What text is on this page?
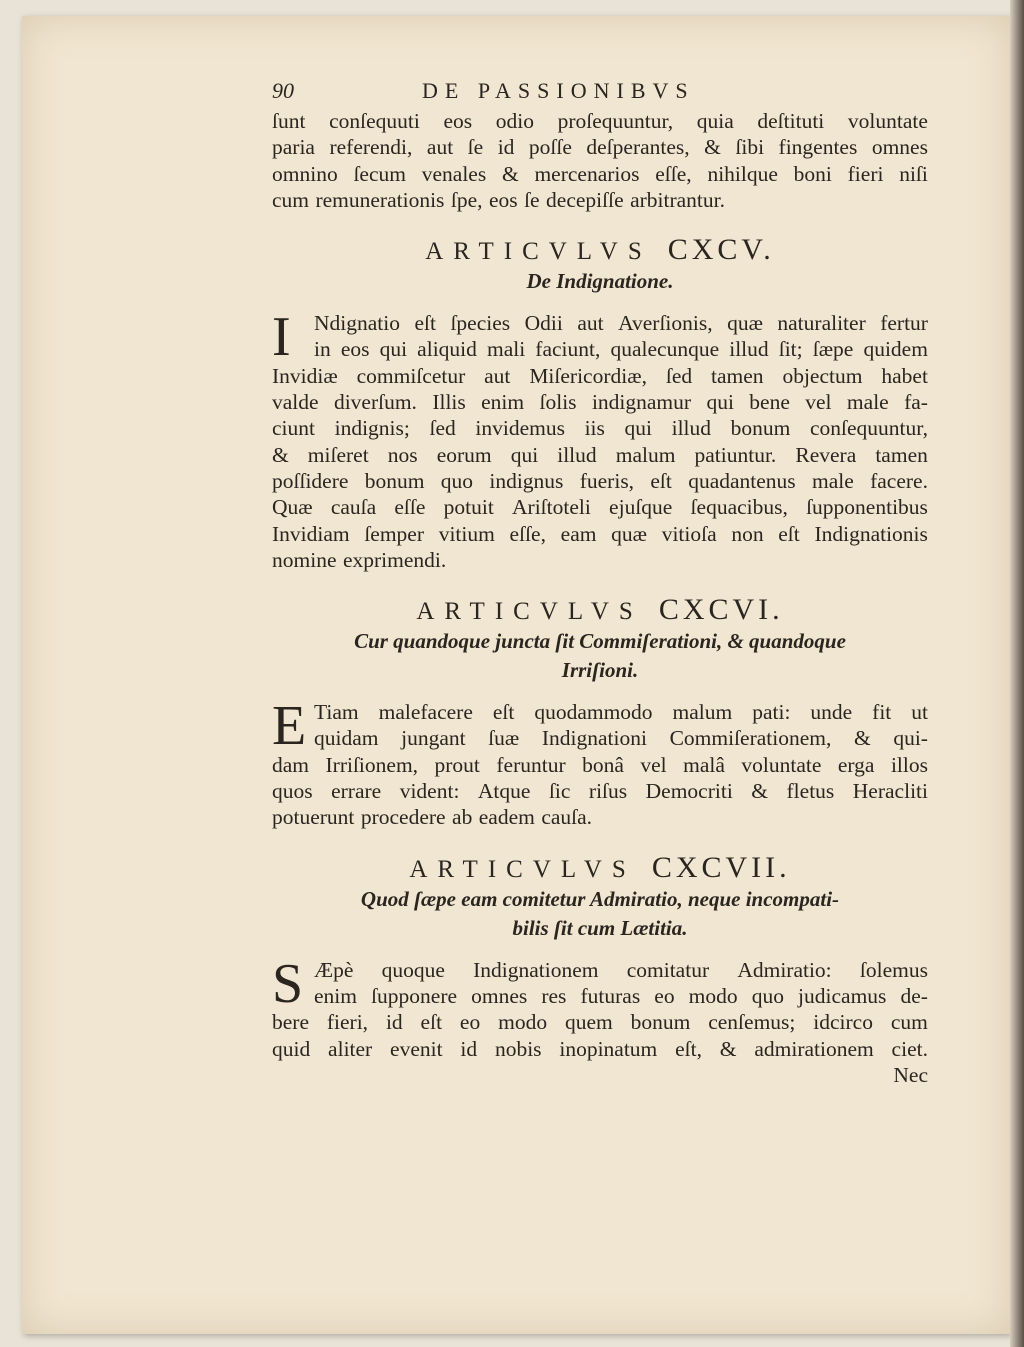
90	DE PASSIONIBVS
ſunt conſequuti eos odio proſequuntur, quia deſtituti voluntate
paria referendi, aut ſe id poſſe deſperantes, & ſibi fingentes omnes
omnino ſecum venales & mercenarios eſſe, nihilque boni fieri niſi
cum remunerationis ſpe, eos ſe decepiſſe arbitrantur.
ARTICVLVS CXCV.
De Indignatione.
I Ndignatio eſt ſpecies Odii aut Averſionis, quæ naturaliter fertur
in eos qui aliquid mali faciunt, qualecunque illud ſit; ſæpe quidem
Invidiæ commiſcetur aut Miſericordiæ, ſed tamen objectum habet
valde diverſum. Illis enim ſolis indignamur qui bene vel male fa-
ciunt indignis; ſed invidemus iis qui illud bonum conſequuntur,
& miſeret nos eorum qui illud malum patiuntur. Revera tamen
poſſidere bonum quo indignus fueris, eſt quadantenus male facere.
Quæ cauſa eſſe potuit Ariſtoteli ejuſque ſequacibus, ſupponentibus
Invidiam ſemper vitium eſſe, eam quæ vitioſa non eſt Indignationis
nomine exprimendi.
ARTICVLVS CXCVI.
Cur quandoque juncta ſit Commiſerationi, & quandoque
Irriſioni.
E Tiam malefacere eſt quodammodo malum pati: unde fit ut
quidam jungant ſuæ Indignationi Commiſerationem, & qui-
dam Irriſionem, prout feruntur bonâ vel malâ voluntate erga illos
quos errare vident: Atque ſic riſus Democriti & fletus Heracliti
potuerunt procedere ab eadem cauſa.
ARTICVLVS CXCVII.
Quod ſæpe eam comitetur Admiratio, neque incompati-
bilis ſit cum Lætitia.
S Æpè quoque Indignationem comitatur Admiratio: ſolemus
enim ſupponere omnes res futuras eo modo quo judicamus de-
bere fieri, id eſt eo modo quem bonum cenſemus; idcirco cum
quid aliter evenit id nobis inopinatum eſt, & admirationem ciet.
Nec
